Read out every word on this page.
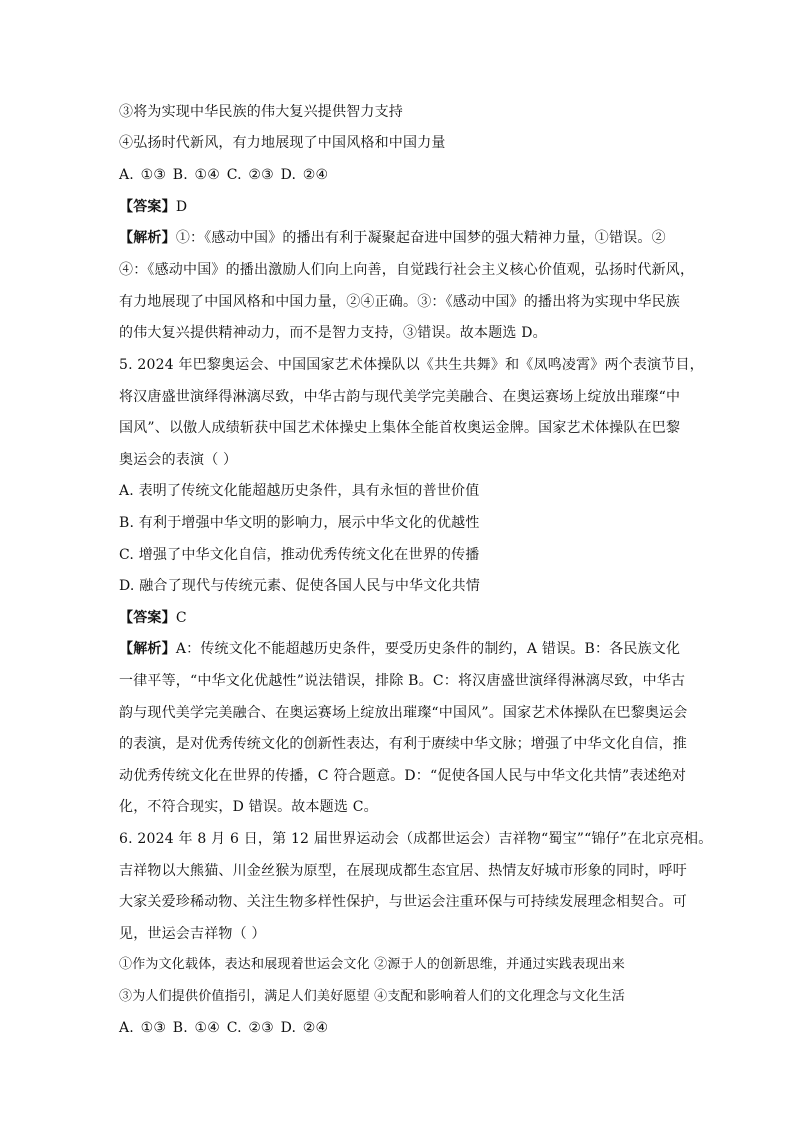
③将为实现中华民族的伟大复兴提供智力支持
④弘扬时代新风，有力地展现了中国风格和中国力量
A. ①③ B. ①④ C. ②③ D. ②④
【答案】D
【解析】①：《感动中国》的播出有利于凝聚起奋进中国梦的强大精神力量，①错误。②
④：《感动中国》的播出激励人们向上向善，自觉践行社会主义核心价值观，弘扬时代新风，
有力地展现了中国风格和中国力量，②④正确。③：《感动中国》的播出将为实现中华民族
的伟大复兴提供精神动力，而不是智力支持，③错误。故本题选 D。
5. 2024 年巴黎奥运会、中国国家艺术体操队以《共生共舞》和《凤鸣凌霄》两个表演节目，
将汉唐盛世演绎得淋漓尽致，中华古韵与现代美学完美融合、在奥运赛场上绽放出璀璨“中
国风”、以傲人成绩斩获中国艺术体操史上集体全能首枚奥运金牌。国家艺术体操队在巴黎
奥运会的表演（ ）
A. 表明了传统文化能超越历史条件，具有永恒的普世价值
B. 有利于增强中华文明的影响力，展示中华文化的优越性
C. 增强了中华文化自信，推动优秀传统文化在世界的传播
D. 融合了现代与传统元素、促使各国人民与中华文化共情
【答案】C
【解析】A：传统文化不能超越历史条件，要受历史条件的制约，A 错误。B：各民族文化
一律平等，“中华文化优越性”说法错误，排除 B。C：将汉唐盛世演绎得淋漓尽致，中华古
韵与现代美学完美融合、在奥运赛场上绽放出璀璨“中国风”。国家艺术体操队在巴黎奥运会
的表演，是对优秀传统文化的创新性表达，有利于赓续中华文脉；增强了中华文化自信，推
动优秀传统文化在世界的传播，C 符合题意。D：“促使各国人民与中华文化共情”表述绝对
化，不符合现实，D 错误。故本题选 C。
6. 2024 年 8 月 6 日，第 12 届世界运动会（成都世运会）吉祥物“蜀宝”“锦仔”在北京亮相。
吉祥物以大熊猫、川金丝猴为原型，在展现成都生态宜居、热情友好城市形象的同时，呼吁
大家关爱珍稀动物、关注生物多样性保护，与世运会注重环保与可持续发展理念相契合。可
见，世运会吉祥物（ ）
①作为文化载体，表达和展现着世运会文化 ②源于人的创新思维，并通过实践表现出来
③为人们提供价值指引，满足人们美好愿望 ④支配和影响着人们的文化理念与文化生活
A. ①③ B. ①④ C. ②③ D. ②④
